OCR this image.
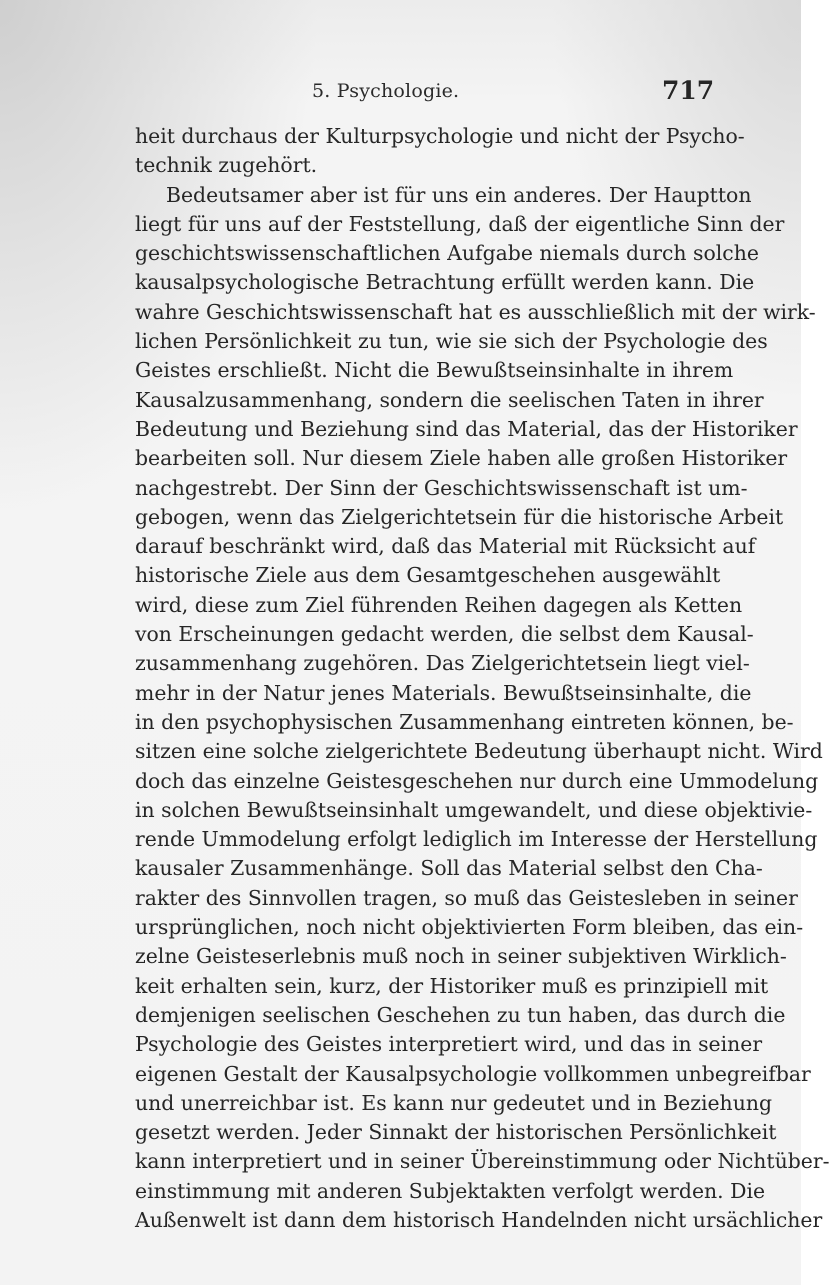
5. Psychologie.	717
heit durchaus der Kulturpsychologie und nicht der Psycho-
technik zugehört.
Bedeutsamer aber ist für uns ein anderes. Der Hauptton
liegt für uns auf der Feststellung, daß der eigentliche Sinn der
geschichtswissenschaftlichen Aufgabe niemals durch solche
kausalpsychologische Betrachtung erfüllt werden kann. Die
wahre Geschichtswissenschaft hat es ausschließlich mit der wirk-
lichen Persönlichkeit zu tun, wie sie sich der Psychologie des
Geistes erschließt. Nicht die Bewußtseinsinhalte in ihrem
Kausalzusammenhang, sondern die seelischen Taten in ihrer
Bedeutung und Beziehung sind das Material, das der Historiker
bearbeiten soll. Nur diesem Ziele haben alle großen Historiker
nachgestrebt. Der Sinn der Geschichtswissenschaft ist um-
gebogen, wenn das Zielgerichtetsein für die historische Arbeit
darauf beschränkt wird, daß das Material mit Rücksicht auf
historische Ziele aus dem Gesamtgeschehen ausgewählt
wird, diese zum Ziel führenden Reihen dagegen als Ketten
von Erscheinungen gedacht werden, die selbst dem Kausal-
zusammenhang zugehören. Das Zielgerichtetsein liegt viel-
mehr in der Natur jenes Materials. Bewußtseinsinhalte, die
in den psychophysischen Zusammenhang eintreten können, be-
sitzen eine solche zielgerichtete Bedeutung überhaupt nicht. Wird
doch das einzelne Geistesgeschehen nur durch eine Ummodelung
in solchen Bewußtseinsinhalt umgewandelt, und diese objektivie-
rende Ummodelung erfolgt lediglich im Interesse der Herstellung
kausaler Zusammenhänge. Soll das Material selbst den Cha-
rakter des Sinnvollen tragen, so muß das Geistesleben in seiner
ursprünglichen, noch nicht objektivierten Form bleiben, das ein-
zelne Geisteserlebnis muß noch in seiner subjektiven Wirklich-
keit erhalten sein, kurz, der Historiker muß es prinzipiell mit
demjenigen seelischen Geschehen zu tun haben, das durch die
Psychologie des Geistes interpretiert wird, und das in seiner
eigenen Gestalt der Kausalpsychologie vollkommen unbegreifbar
und unerreichbar ist. Es kann nur gedeutet und in Beziehung
gesetzt werden. Jeder Sinnakt der historischen Persönlichkeit
kann interpretiert und in seiner Übereinstimmung oder Nichtüber-
einstimmung mit anderen Subjektakten verfolgt werden. Die
Außenwelt ist dann dem historisch Handelnden nicht ursächlicher
